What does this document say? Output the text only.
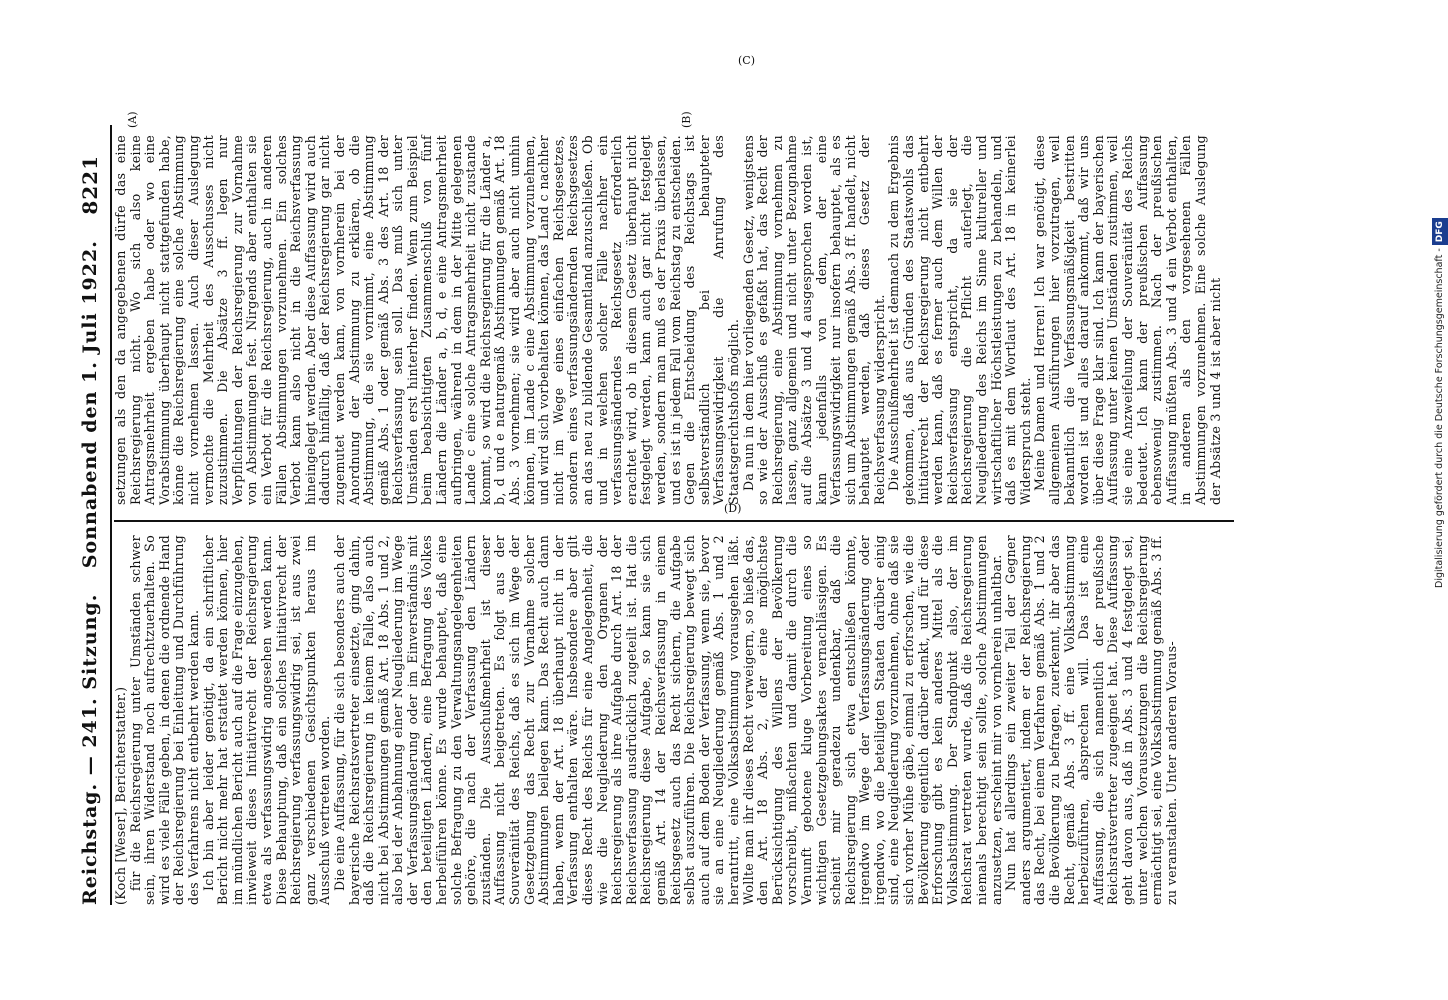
Reichstag. — 241. Sitzung.
Sonnabend den 1. Juli 1922.
8221
(A)	(B)

(Koch [Weser], Berichterstatter.) für die Reichsregierung unter Umständen schwer sein, ihren Widerstand noch aufrechtzuerhalten. So wird es viele Fälle geben, in denen die ordnende Hand der Reichsregierung bei Einleitung und Durchführung des Verfahrens nicht entbehrt werden kann. Ich bin aber leider genötigt, da ein schriftlicher Bericht nicht mehr hat erstattet werden können, hier im mündlichen Bericht auch auf die Frage einzugehen, inwieweit dieses Initiativrecht der Reichsregierung etwa als verfassungswidrig angesehen werden kann. Diese Behauptung, daß ein solches Initiativrecht der Reichsregierung verfassungswidrig sei, ist aus zwei ganz verschiedenen Gesichtspunkten heraus im Ausschuß vertreten worden. Die eine Auffassung, für die sich besonders auch der bayerische Reichsratsvertreter einsetzte, ging dahin, daß die Reichsregierung in keinem Falle, also auch nicht bei Abstimmungen gemäß Art. 18 Abs. 1 und 2, also bei der Anbahnung einer Neugliederung im Wege der Verfassungsänderung oder im Einverständnis mit den beteiligten Ländern, eine Befragung des Volkes herbeiführen könne. Es wurde behauptet, daß eine solche Befragung zu den Verwaltungsangelegenheiten gehöre, die nach der Verfassung den Ländern zuständen. Die Ausschußmehrheit ist dieser Auffassung nicht beigetreten. Es folgt aus der Souveränität des Reichs, daß es sich im Wege der Gesetzgebung das Recht zur Vornahme solcher Abstimmungen beilegen kann. Das Recht auch dann haben, wenn der Art. 18 überhaupt nicht in der Verfassung enthalten wäre. Insbesondere aber gilt dieses Recht des Reichs für eine Angelegenheit, die wie die Neugliederung den Organen der Reichsregierung als ihre Aufgabe durch Art. 18 der Reichsverfassung ausdrücklich zugeteilt ist. Hat die Reichsregierung diese Aufgabe, so kann sie sich gemäß Art. 14 der Reichsverfassung in einem Reichsgesetz auch das Recht sichern, die Aufgabe selbst auszuführen. Die Reichsregierung bewegt sich auch auf dem Boden der Verfassung, wenn sie, bevor sie an eine Neugliederung gemäß Abs. 1 und 2 herantritt, eine Volksabstimmung vorausgehen läßt. Wollte man ihr dieses Recht verweigern, so hieße das, den Art. 18 Abs. 2, der eine möglichste Berücksichtigung des Willens der Bevölkerung vorschreibt, mißachten und damit die durch die Vernunft gebotene kluge Vorbereitung eines so wichtigen Gesetzgebungsaktes vernachlässigen. Es scheint mir geradezu undenkbar, daß die Reichsregierung sich etwa entschließen könnte, irgendwo im Wege der Verfassungsänderung oder irgendwo, wo die beteiligten Staaten darüber einig sind, eine Neugliederung vorzunehmen, ohne daß sie sich vorher Mühe gäbe, einmal zu erforschen, wie die Bevölkerung eigentlich darüber denkt, und für diese Erforschung gibt es kein anderes Mittel als die Volksabstimmung. Der Standpunkt also, der im Reichsrat vertreten wurde, daß die Reichsregierung niemals berechtigt sein sollte, solche Abstimmungen anzusetzen, erscheint mir von vornherein unhaltbar. Nun hat allerdings ein zweiter Teil der Gegner anders argumentiert, indem er der Reichsregierung das Recht, bei einem Verfahren gemäß Abs. 1 und 2 die Bevölkerung zu befragen, zuerkennt, ihr aber das Recht, gemäß Abs. 3 ff. eine Volksabstimmung herbeizuführen, absprechen will. Das ist eine Auffassung, die sich namentlich der preußische Reichsratsvertreter zugeeignet hat. Diese Auffassung geht davon aus, daß in Abs. 3 und 4 festgelegt sei, unter welchen Voraussetzungen die Reichsregierung ermächtigt sei, eine Volksabstimmung gemäß Abs. 3 ff. zu veranstalten. Unter anderen Voraus-

setzungen als den da angegebenen dürfe das eine Reichsregierung nicht. Wo sich also keine Antragsmehrheit ergeben habe oder wo eine Vorabstimmung überhaupt nicht stattgefunden habe, könne die Reichsregierung eine solche Abstimmung nicht vornehmen lassen. Auch dieser Auslegung vermochte die Mehrheit des Ausschusses nicht zuzustimmen. Die Absätze 3 ff. legen nur Verpflichtungen der Reichsregierung zur Vornahme von Abstimmungen fest. Nirgends aber enthalten sie ein Verbot für die Reichsregierung, auch in anderen Fällen Abstimmungen vorzunehmen. Ein solches Verbot kann also nicht in die Reichsverfassung hineingelegt werden. Aber diese Auffassung wird auch dadurch hinfällig, daß der Reichsregierung gar nicht zugemutet werden kann, von vornherein bei der Anordnung der Abstimmung zu erklären, ob die Abstimmung, die sie vornimmt, eine Abstimmung gemäß Abs. 1 oder gemäß Abs. 3 des Art. 18 der Reichsverfassung sein soll. Das muß sich unter Umständen erst hinterher finden. Wenn zum Beispiel beim beabsichtigten Zusammenschluß von fünf Ländern die Länder a, b, d, e eine Antragsmehrheit aufbringen, während in dem in der Mitte gelegenen Lande c eine solche Antragsmehrheit nicht zustande kommt, so wird die Reichsregierung für die Länder a, b, d und e naturgemäß Abstimmungen gemäß Art. 18 Abs. 3 vornehmen; sie wird aber auch nicht umhin können, im Lande c eine Abstimmung vorzunehmen, und wird sich vorbehalten können, das Land c nachher nicht im Wege eines einfachen Reichsgesetzes, sondern eines verfassungsändernden Reichsgesetzes an das neu zu bildende Gesamtland anzuschließen. Ob und in welchen solcher Fälle nachher ein verfassungsänderndes Reichsgesetz erforderlich erachtet wird, ob in diesem Gesetz überhaupt nicht festgelegt werden, kann auch gar nicht festgelegt werden, sondern man muß es der Praxis überlassen, und es ist in jedem Fall vom Reichstag zu entscheiden. Gegen die Entscheidung des Reichstags ist selbstverständlich bei behaupteter Verfassungswidrigkeit die Anrufung des Staatsgerichtshofs möglich. Da nun in dem hier vorliegenden Gesetz, wenigstens so wie der Ausschuß es gefaßt hat, das Recht der Reichsregierung, eine Abstimmung vornehmen zu lassen, ganz allgemein und nicht unter Bezugnahme auf die Absätze 3 und 4 ausgesprochen worden ist, kann jedenfalls von dem, der eine Verfassungswidrigkeit nur insofern behauptet, als es sich um Abstimmungen gemäß Abs. 3 ff. handelt, nicht behauptet werden, daß dieses Gesetz der Reichsverfassung widerspricht. Die Ausschußmehrheit ist demnach zu dem Ergebnis gekommen, daß aus Gründen des Staatswohls das Initiativrecht der Reichsregierung nicht entbehrt werden kann, daß es ferner auch dem Willen der Reichsverfassung entspricht, da sie der Reichsregierung die Pflicht auferlegt, die Neugliederung des Reichs im Sinne kultureller und wirtschaftlicher Höchstleistungen zu behandeln, und daß es mit dem Wortlaut des Art. 18 in keinerlei Widerspruch steht. Meine Damen und Herren! Ich war genötigt, diese allgemeinen Ausführungen hier vorzutragen, weil bekanntlich die Verfassungsmäßigkeit bestritten worden ist und alles darauf ankommt, daß wir uns über diese Frage klar sind. Ich kann der bayerischen Auffassung unter keinen Umständen zustimmen, weil sie eine Anzweifelung der Souveränität des Reichs bedeutet. Ich kann der preußischen Auffassung ebensowenig zustimmen. Nach der preußischen Auffassung müßten Abs. 3 und 4 ein Verbot enthalten, in anderen als den vorgesehenen Fällen Abstimmungen vorzunehmen. Eine solche Auslegung der Absätze 3 und 4 ist aber nicht

(C)
(D)	Digitalisierung gefördert durch die Deutsche Forschungsgemeinschaft -DFG
